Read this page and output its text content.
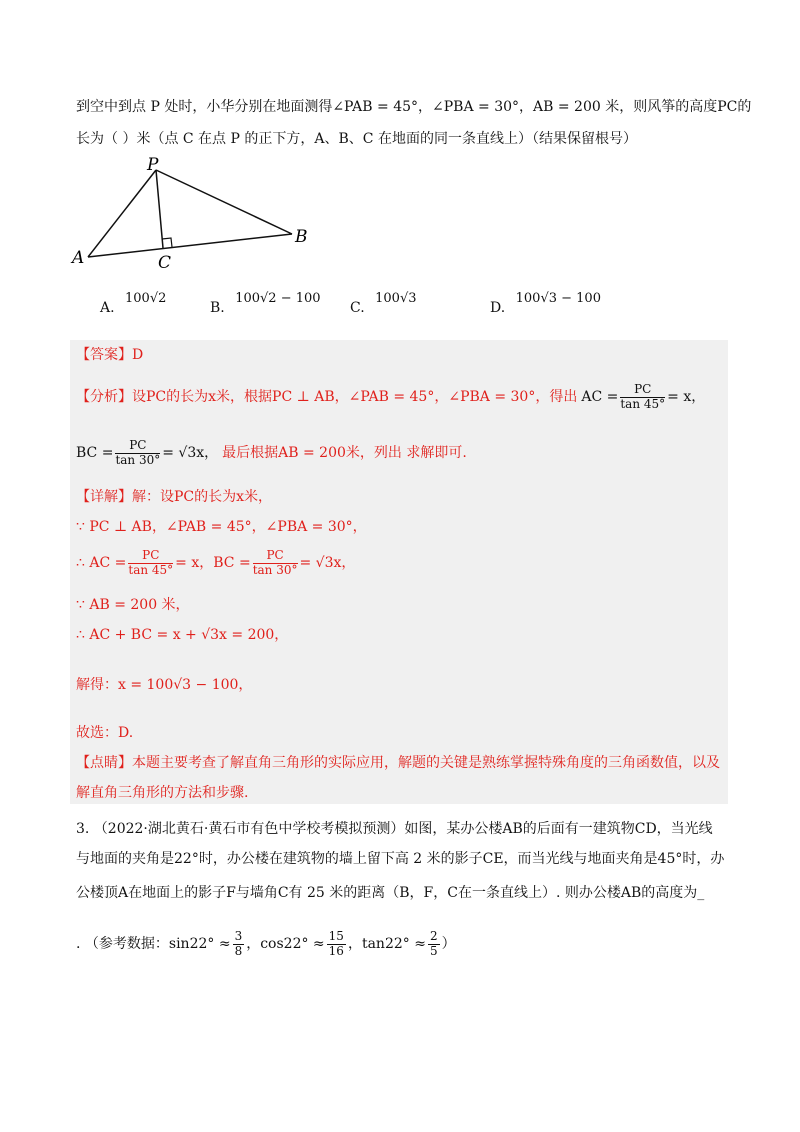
到空中到点 P 处时，小华分别在地面测得∠PAB = 45°，∠PBA = 30°，AB = 200 米，则风筝的高度PC的
长为（ ）米（点 C 在点 P 的正下方，A、B、C 在地面的同一条直线上）（结果保留根号）
P
A
B
C
A. 100√2
B. 100√2 − 100
C. 100√3
D. 100√3 − 100
【答案】D
【分析】设 PC的长为x米，根据PC ⊥ AB，∠PAB = 45°，∠PBA = 30°，得出 AC = $\frac{PC}{\tan 45^\circ} = x$，
BC = $\frac{PC}{\tan 30^\circ} = √3x$， 最后根据AB = 200米，列出 求解即可.
【详解】解：设PC的长为x米，
∵ PC ⊥ AB，∠PAB = 45°，∠PBA = 30°，
∴ AC = $\frac{PC}{\tan 45^\circ} = x$，BC = $\frac{PC}{\tan 30^\circ} = √3x$，
∵ AB = 200 米，
∴ AC + BC = x + √3x = 200，
解得：x = 100√3 − 100，
故选：D.
【点睛】本题主要考查了解直角三角形的实际应用，解题的关键是熟练掌握特殊角度的三角函数值，以及
解直角三角形的方法和步骤.
3. （2022·湖北黄石·黄石市有色中学校考模拟预测）如图，某办公楼AB的后面有一建筑物CD，当光线
与地面的夹角是22°时，办公楼在建筑物的墙上留下高 2 米的影子CE，而当光线与地面夹角是45°时，办
公楼顶A在地面上的影子F与墙角C有 25 米的距离（B，F，C在一条直线上）. 则办公楼AB的高度为_
. （参考数据：$\sin 22^\circ \approx \frac{3}{8}$ ，$\cos 22^\circ \approx \frac{15}{16}$ ，$\tan 22^\circ \approx \frac{2}{5}$ ）
